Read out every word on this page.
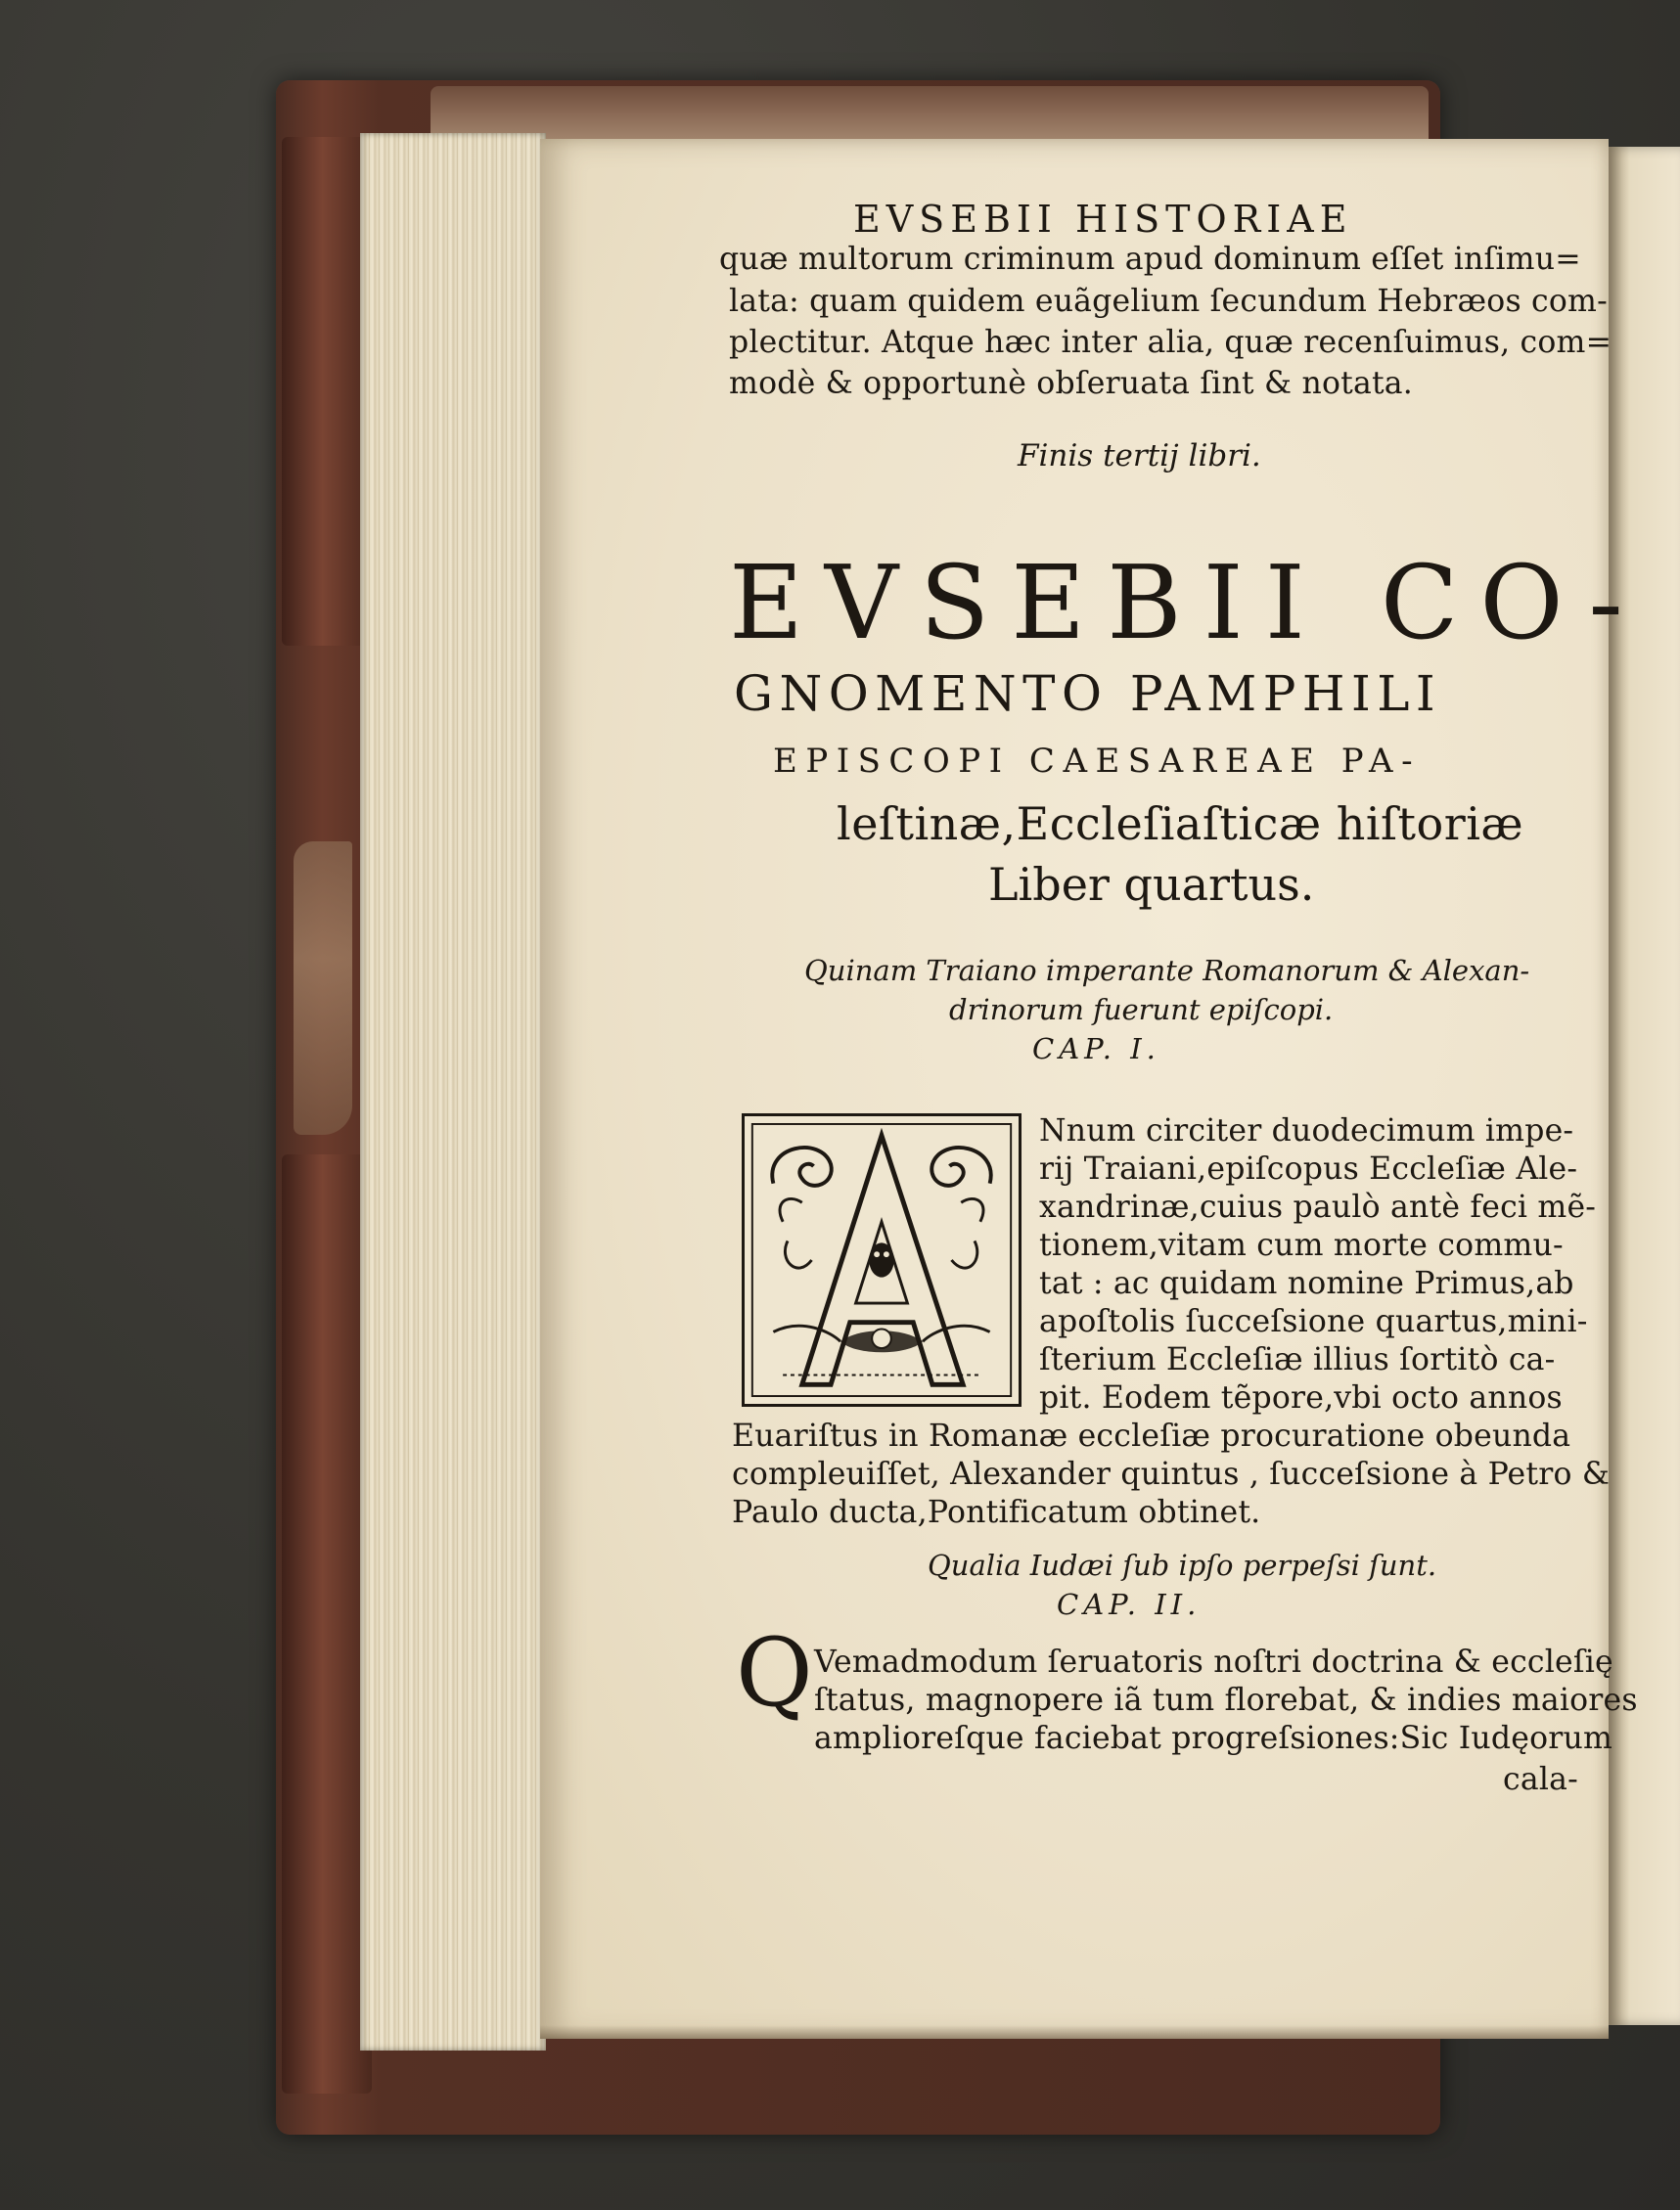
EVSEBII HISTORIAE
quæ multorum criminum apud dominum eſſet inſimu=
lata: quam quidem euãgelium ſecundum Hebræos com-
plectitur. Atque hæc inter alia, quæ recenſuimus, com=
modè & opportunè obſeruata ſint & notata.
Finis tertij libri.
EVSEBII CO-
GNOMENTO PAMPHILI
EPISCOPI CAESAREAE PA-
leſtinæ,Eccleſiaſticæ hiſtoriæ
Liber quartus.
Quinam Traiano imperante Romanorum & Alexan-
drinorum fuerunt epiſcopi.
CAP. I.
Nnum circiter duodecimum impe-
rij Traiani,epiſcopus Eccleſiæ Ale-
xandrinæ,cuius paulò antè feci mẽ-
tionem,vitam cum morte commu-
tat : ac quidam nomine Primus,ab
apoſtolis ſucceſsione quartus,mini-
ſterium Eccleſiæ illius ſortitò ca-
pit. Eodem tẽpore,vbi octo annos
Euariſtus in Romanæ eccleſiæ procuratione obeunda
compleuiſſet, Alexander quintus , ſucceſsione à Petro &
Paulo ducta,Pontificatum obtinet.
Qualia Iudæi ſub ipſo perpeſsi ſunt.
CAP. II.
Q Vemadmodum ſeruatoris noſtri doctrina & eccleſię
ſtatus, magnopere iã tum florebat, & indies maiores
amplioreſque faciebat progreſsiones:Sic Iudęorum
cala-
